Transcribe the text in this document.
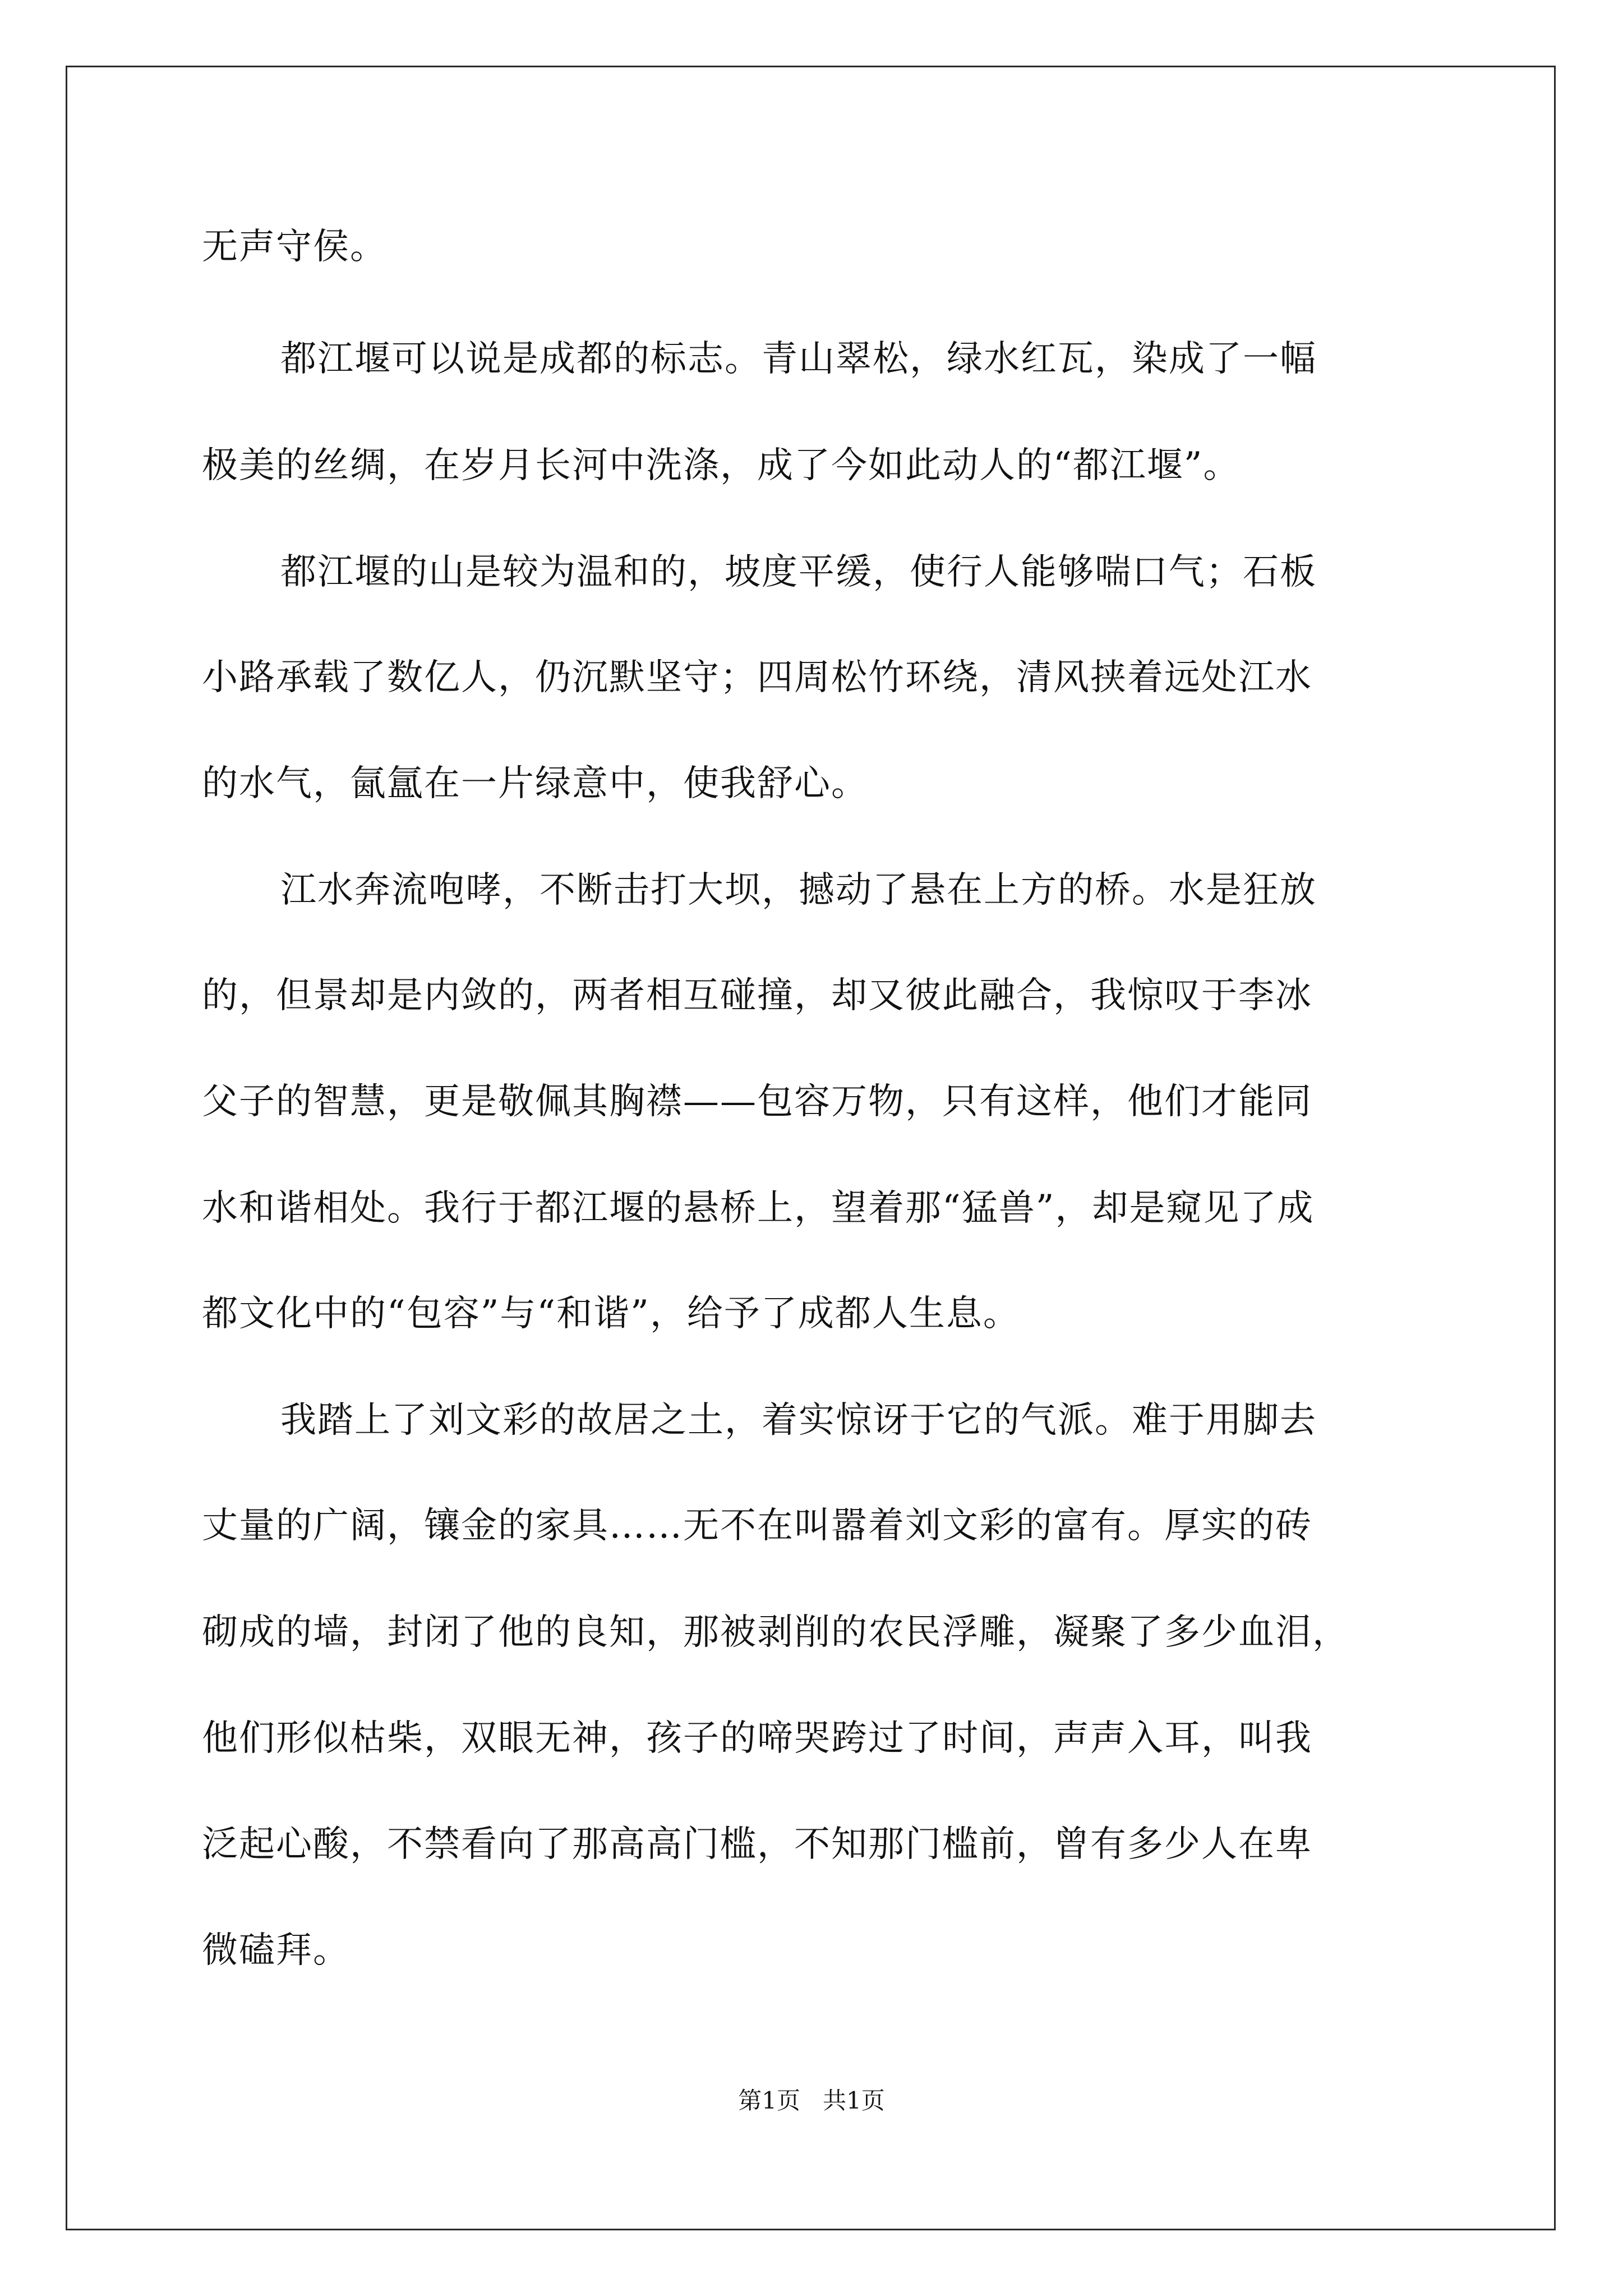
无声守侯。

都江堰可以说是成都的标志。青山翠松，绿水红瓦，染成了一幅

极美的丝绸，在岁月长河中洗涤，成了今如此动人的“都江堰”。

都江堰的山是较为温和的，坡度平缓，使行人能够喘口气；石板

小路承载了数亿人，仍沉默坚守；四周松竹环绕，清风挟着远处江水

的水气，氤氲在一片绿意中，使我舒心。

江水奔流咆哮，不断击打大坝，撼动了悬在上方的桥。水是狂放

的，但景却是内敛的，两者相互碰撞，却又彼此融合，我惊叹于李冰

父子的智慧，更是敬佩其胸襟——包容万物，只有这样，他们才能同

水和谐相处。我行于都江堰的悬桥上，望着那“猛兽”，却是窥见了成

都文化中的“包容”与“和谐”，给予了成都人生息。

我踏上了刘文彩的故居之土，着实惊讶于它的气派。难于用脚去

丈量的广阔，镶金的家具……无不在叫嚣着刘文彩的富有。厚实的砖

砌成的墙，封闭了他的良知，那被剥削的农民浮雕，凝聚了多少血泪，

他们形似枯柴，双眼无神，孩子的啼哭跨过了时间，声声入耳，叫我

泛起心酸，不禁看向了那高高门槛，不知那门槛前，曾有多少人在卑

微磕拜。

第1页   共1页
